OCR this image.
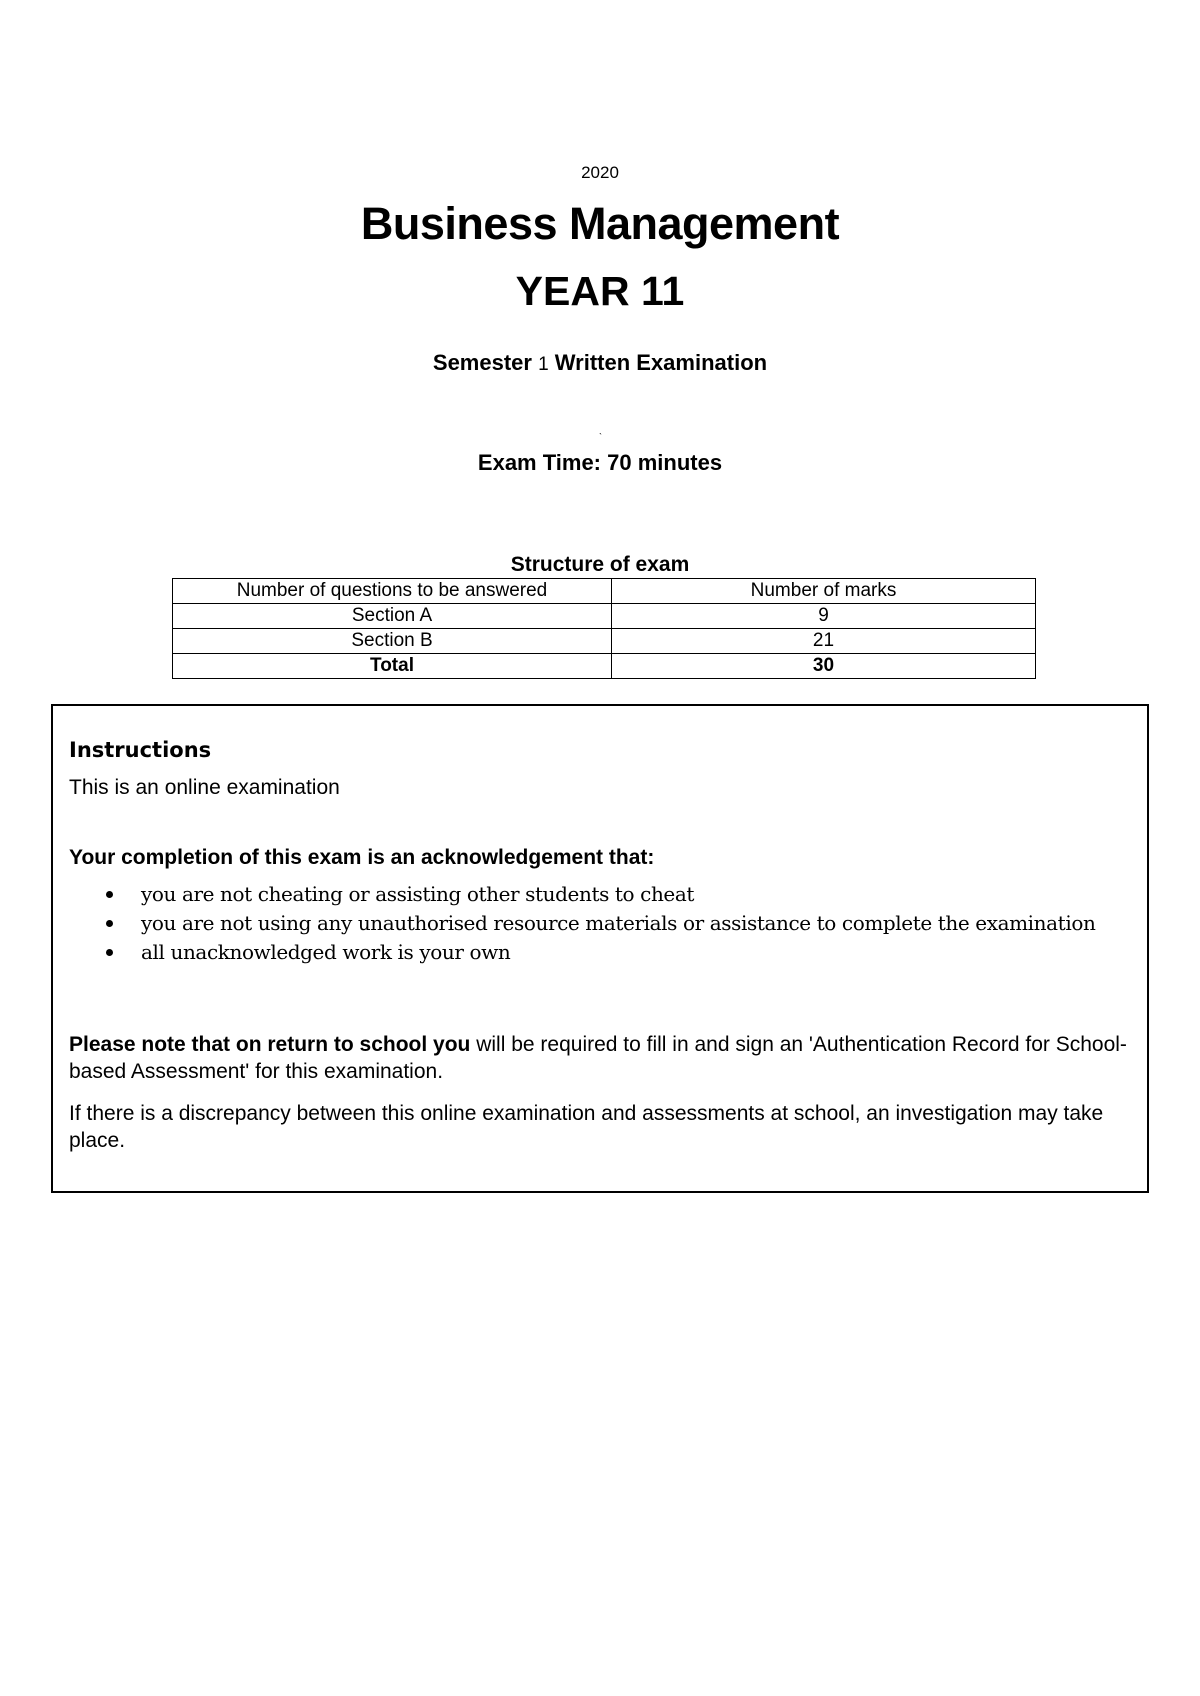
2020
Business Management
YEAR 11
Semester 1 Written Examination
`
Exam Time: 70 minutes
Structure of exam
Number of questions to be answered	Number of marks
Section A	9
Section B	21
Total	30
Instructions
This is an online examination
Your completion of this exam is an acknowledgement that:
you are not cheating or assisting other students to cheat
you are not using any unauthorised resource materials or assistance to complete the examination
all unacknowledged work is your own
Please note that on return to school you will be required to fill in and sign an 'Authentication Record for School-based Assessment' for this examination.
If there is a discrepancy between this online examination and assessments at school, an investigation may take place.
